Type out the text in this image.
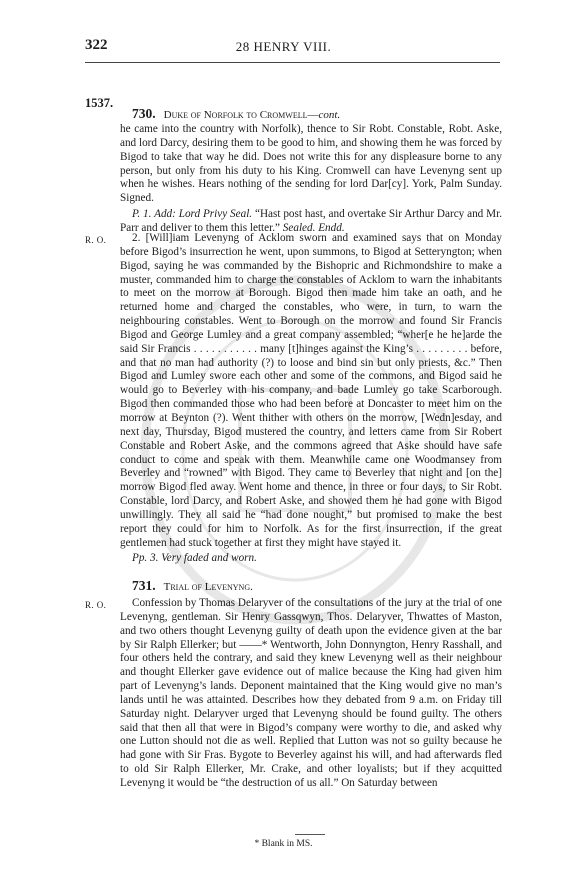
322	28 HENRY VIII.
1537.
730. Duke of Norfolk to Cromwell—cont.
he came into the country with Norfolk), thence to Sir Robt. Constable, Robt. Aske, and lord Darcy, desiring them to be good to him, and showing them he was forced by Bigod to take that way he did. Does not write this for any displeasure borne to any person, but only from his duty to his King. Cromwell can have Levenyng sent up when he wishes. Hears nothing of the sending for lord Dar[cy]. York, Palm Sunday. Signed.
P. 1. Add: Lord Privy Seal. “Hast post hast, and overtake Sir Arthur Darcy and Mr. Parr and deliver to them this letter.” Sealed. Endd.
R. O.	2. [Will]iam Levenyng of Acklom sworn and examined says that on Monday before Bigod’s insurrection he went, upon summons, to Bigod at Setteryngton; when Bigod, saying he was commanded by the Bishopric and Richmondshire to make a muster, commanded him to charge the constables of Acklom to warn the inhabitants to meet on the morrow at Borough. Bigod then made him take an oath, and he returned home and charged the constables, who were, in turn, to warn the neighbouring constables. Went to Borough on the morrow and found Sir Francis Bigod and George Lumley and a great company assembled; “wher[e he he]arde the said Sir Francis . . . . . . . . . . . many [t]hinges against the King’s . . . . . . . . . before, and that no man had authority (?) to loose and bind sin but only priests, &c.” Then Bigod and Lumley swore each other and some of the commons, and Bigod said he would go to Beverley with his company, and bade Lumley go take Scarborough. Bigod then commanded those who had been before at Doncaster to meet him on the morrow at Beynton (?). Went thither with others on the morrow, [Wedn]esday, and next day, Thursday, Bigod mustered the country, and letters came from Sir Robert Constable and Robert Aske, and the commons agreed that Aske should have safe conduct to come and speak with them. Meanwhile came one Woodmansey from Beverley and “rowned” with Bigod. They came to Beverley that night and [on the] morrow Bigod fled away. Went home and thence, in three or four days, to Sir Robt. Constable, lord Darcy, and Robert Aske, and showed them he had gone with Bigod unwillingly. They all said he “had done nought,” but promised to make the best report they could for him to Norfolk. As for the first insurrection, if the great gentlemen had stuck together at first they might have stayed it.
Pp. 3. Very faded and worn.
731. Trial of Levenyng.
R. O.	Confession by Thomas Delaryver of the consultations of the jury at the trial of one Levenyng, gentleman. Sir Henry Gassqwyn, Thos. Delaryver, Thwattes of Maston, and two others thought Levenyng guilty of death upon the evidence given at the bar by Sir Ralph Ellerker; but ——* Wentworth, John Donnyngton, Henry Rasshall, and four others held the contrary, and said they knew Levenyng well as their neighbour and thought Ellerker gave evidence out of malice because the King had given him part of Levenyng’s lands. Deponent maintained that the King would give no man’s lands until he was attainted. Describes how they debated from 9 a.m. on Friday till Saturday night. Delaryver urged that Levenyng should be found guilty. The others said that then all that were in Bigod’s company were worthy to die, and asked why one Lutton should not die as well. Replied that Lutton was not so guilty because he had gone with Sir Fras. Bygote to Beverley against his will, and had afterwards fled to old Sir Ralph Ellerker, Mr. Crake, and other loyalists; but if they acquitted Levenyng it would be “the destruction of us all.” On Saturday between
* Blank in MS.
